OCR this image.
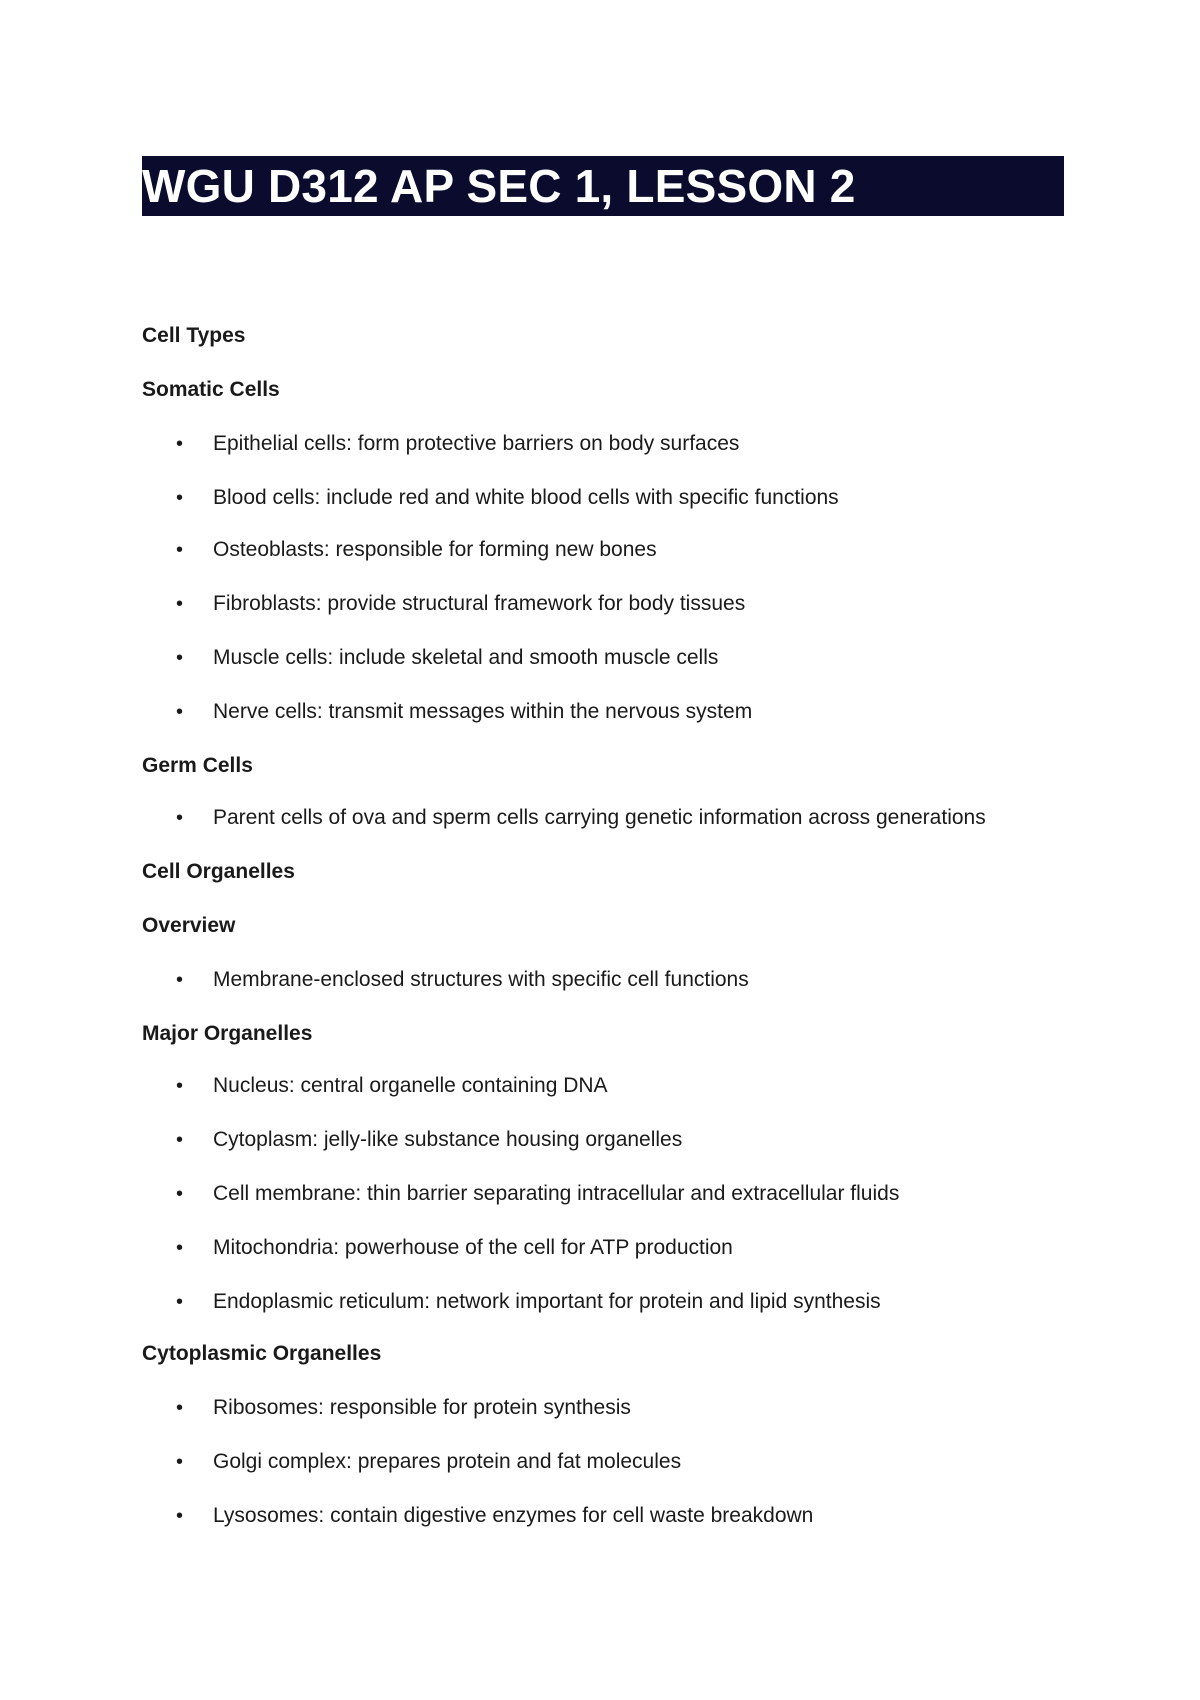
WGU D312 AP SEC 1, LESSON 2
Cell Types
Somatic Cells
• Epithelial cells: form protective barriers on body surfaces
• Blood cells: include red and white blood cells with specific functions
• Osteoblasts: responsible for forming new bones
• Fibroblasts: provide structural framework for body tissues
• Muscle cells: include skeletal and smooth muscle cells
• Nerve cells: transmit messages within the nervous system
Germ Cells
• Parent cells of ova and sperm cells carrying genetic information across generations
Cell Organelles
Overview
• Membrane-enclosed structures with specific cell functions
Major Organelles
• Nucleus: central organelle containing DNA
• Cytoplasm: jelly-like substance housing organelles
• Cell membrane: thin barrier separating intracellular and extracellular fluids
• Mitochondria: powerhouse of the cell for ATP production
• Endoplasmic reticulum: network important for protein and lipid synthesis
Cytoplasmic Organelles
• Ribosomes: responsible for protein synthesis
• Golgi complex: prepares protein and fat molecules
• Lysosomes: contain digestive enzymes for cell waste breakdown
